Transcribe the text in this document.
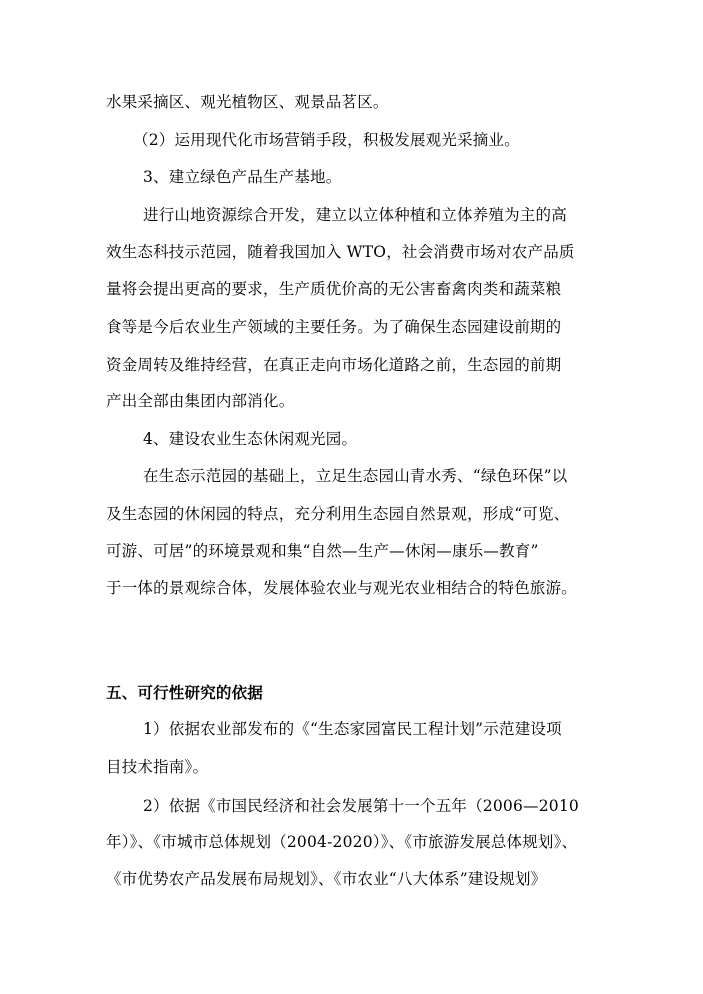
水果采摘区、观光植物区、观景品茗区。
（2）运用现代化市场营销手段，积极发展观光采摘业。
3、建立绿色产品生产基地。
进行山地资源综合开发，建立以立体种植和立体养殖为主的高
效生态科技示范园，随着我国加入 WTO，社会消费市场对农产品质
量将会提出更高的要求，生产质优价高的无公害畜禽肉类和蔬菜粮
食等是今后农业生产领域的主要任务。为了确保生态园建设前期的
资金周转及维持经营，在真正走向市场化道路之前，生态园的前期
产出全部由集团内部消化。
4、建设农业生态休闲观光园。
在生态示范园的基础上，立足生态园山青水秀、“绿色环保”以
及生态园的休闲园的特点，充分利用生态园自然景观，形成“可览、
可游、可居”的环境景观和集“自然—生产—休闲—康乐—教育”
于一体的景观综合体，发展体验农业与观光农业相结合的特色旅游。
五、可行性研究的依据
1）依据农业部发布的《“生态家园富民工程计划”示范建设项
目技术指南》。
2）依据《市国民经济和社会发展第十一个五年（2006—2010
年）》、《市城市总体规划（2004-2020）》、《市旅游发展总体规划》、
《市优势农产品发展布局规划》、《市农业“八大体系”建设规划》
